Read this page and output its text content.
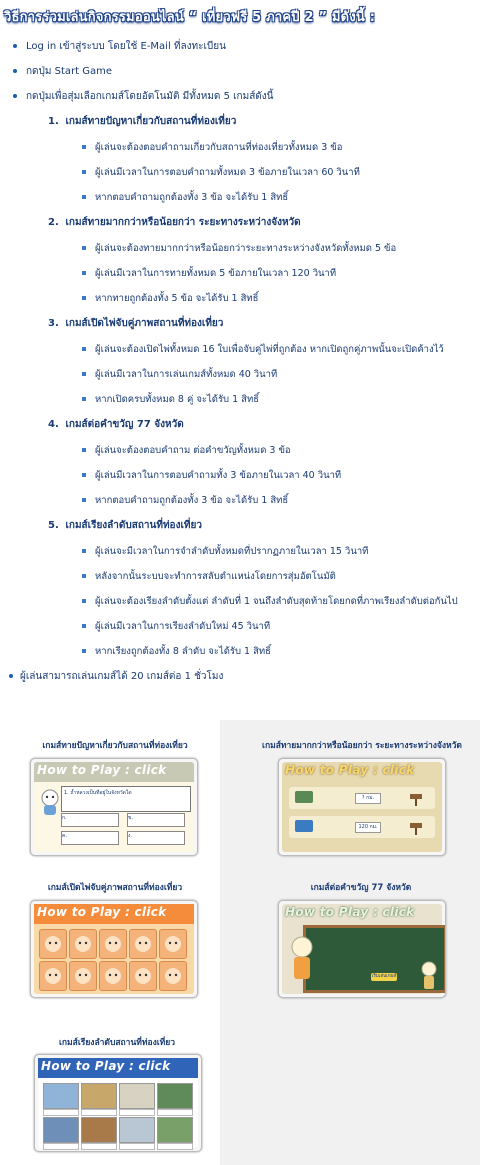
วิธีการร่วมเล่นกิจกรรมออนไลน์ “ เที่ยวฟรี 5 ภาคปี 2 ” มีดังนี้ :
Log in เข้าสู่ระบบ โดยใช้ E-Mail ที่ลงทะเบียน
กดปุ่ม Start Game
กดปุ่มเพื่อสุ่มเลือกเกมส์โดยอัตโนมัติ มีทั้งหมด 5 เกมส์ดังนี้
1. เกมส์ทายปัญหาเกี่ยวกับสถานที่ท่องเที่ยว
ผู้เล่นจะต้องตอบคำถามเกี่ยวกับสถานที่ท่องเที่ยวทั้งหมด 3 ข้อ
ผู้เล่นมีเวลาในการตอบคำถามทั้งหมด 3 ข้อภายในเวลา 60 วินาที
หากตอบคำถามถูกต้องทั้ง 3 ข้อ จะได้รับ 1 สิทธิ์
2. เกมส์ทายมากกว่าหรือน้อยกว่า ระยะทางระหว่างจังหวัด
ผู้เล่นจะต้องทายมากกว่าหรือน้อยกว่าระยะทางระหว่างจังหวัดทั้งหมด 5 ข้อ
ผู้เล่นมีเวลาในการทายทั้งหมด 5 ข้อภายในเวลา 120 วินาที
หากทายถูกต้องทั้ง 5 ข้อ จะได้รับ 1 สิทธิ์
3. เกมส์เปิดไพ่จับคู่ภาพสถานที่ท่องเที่ยว
ผู้เล่นจะต้องเปิดไพ่ทั้งหมด 16 ใบเพื่อจับคู่ไพ่ที่ถูกต้อง หากเปิดถูกคู่ภาพนั้นจะเปิดค้างไว้
ผู้เล่นมีเวลาในการเล่นเกมส์ทั้งหมด 40 วินาที
หากเปิดครบทั้งหมด 8 คู่ จะได้รับ 1 สิทธิ์
4. เกมส์ต่อคำขวัญ 77 จังหวัด
ผู้เล่นจะต้องตอบคำถาม ต่อคำขวัญทั้งหมด 3 ข้อ
ผู้เล่นมีเวลาในการตอบคำถามทั้ง 3 ข้อภายในเวลา 40 วินาที
หากตอบคำถามถูกต้องทั้ง 3 ข้อ จะได้รับ 1 สิทธิ์
5. เกมส์เรียงลำดับสถานที่ท่องเที่ยว
ผู้เล่นจะมีเวลาในการจำลำดับทั้งหมดที่ปรากฏภายในเวลา 15 วินาที
หลังจากนั้นระบบจะทำการสลับตำแหน่งโดยการสุ่มอัตโนมัติ
ผู้เล่นจะต้องเรียงลำดับตั้งแต่ ลำดับที่ 1 จนถึงลำดับสุดท้ายโดยกดที่ภาพเรียงลำดับต่อกันไป
ผู้เล่นมีเวลาในการเรียงลำดับใหม่ 45 วินาที
หากเรียงถูกต้องทั้ง 8 ลำดับ จะได้รับ 1 สิทธิ์
ผู้เล่นสามารถเล่นเกมส์ได้ 20 เกมส์ต่อ 1 ชั่วโมง
เกมส์ทายปัญหาเกี่ยวกับสถานที่ท่องเที่ยว
How to Play : click
1. ถ้ำหลวงเป็นที่อยู่ในจังหวัดใด
ก.	ข.
ค.	ง.
เกมส์ทายมากกว่าหรือน้อยกว่า ระยะทางระหว่างจังหวัด
How to Play : click
? กม.
120 กม.
เกมส์เปิดไพ่จับคู่ภาพสถานที่ท่องเที่ยว
How to Play : click
เกมส์ต่อคำขวัญ 77 จังหวัด
How to Play : click
เริ่มเล่นเกมส์
เกมส์เรียงลำดับสถานที่ท่องเที่ยว
How to Play : click
